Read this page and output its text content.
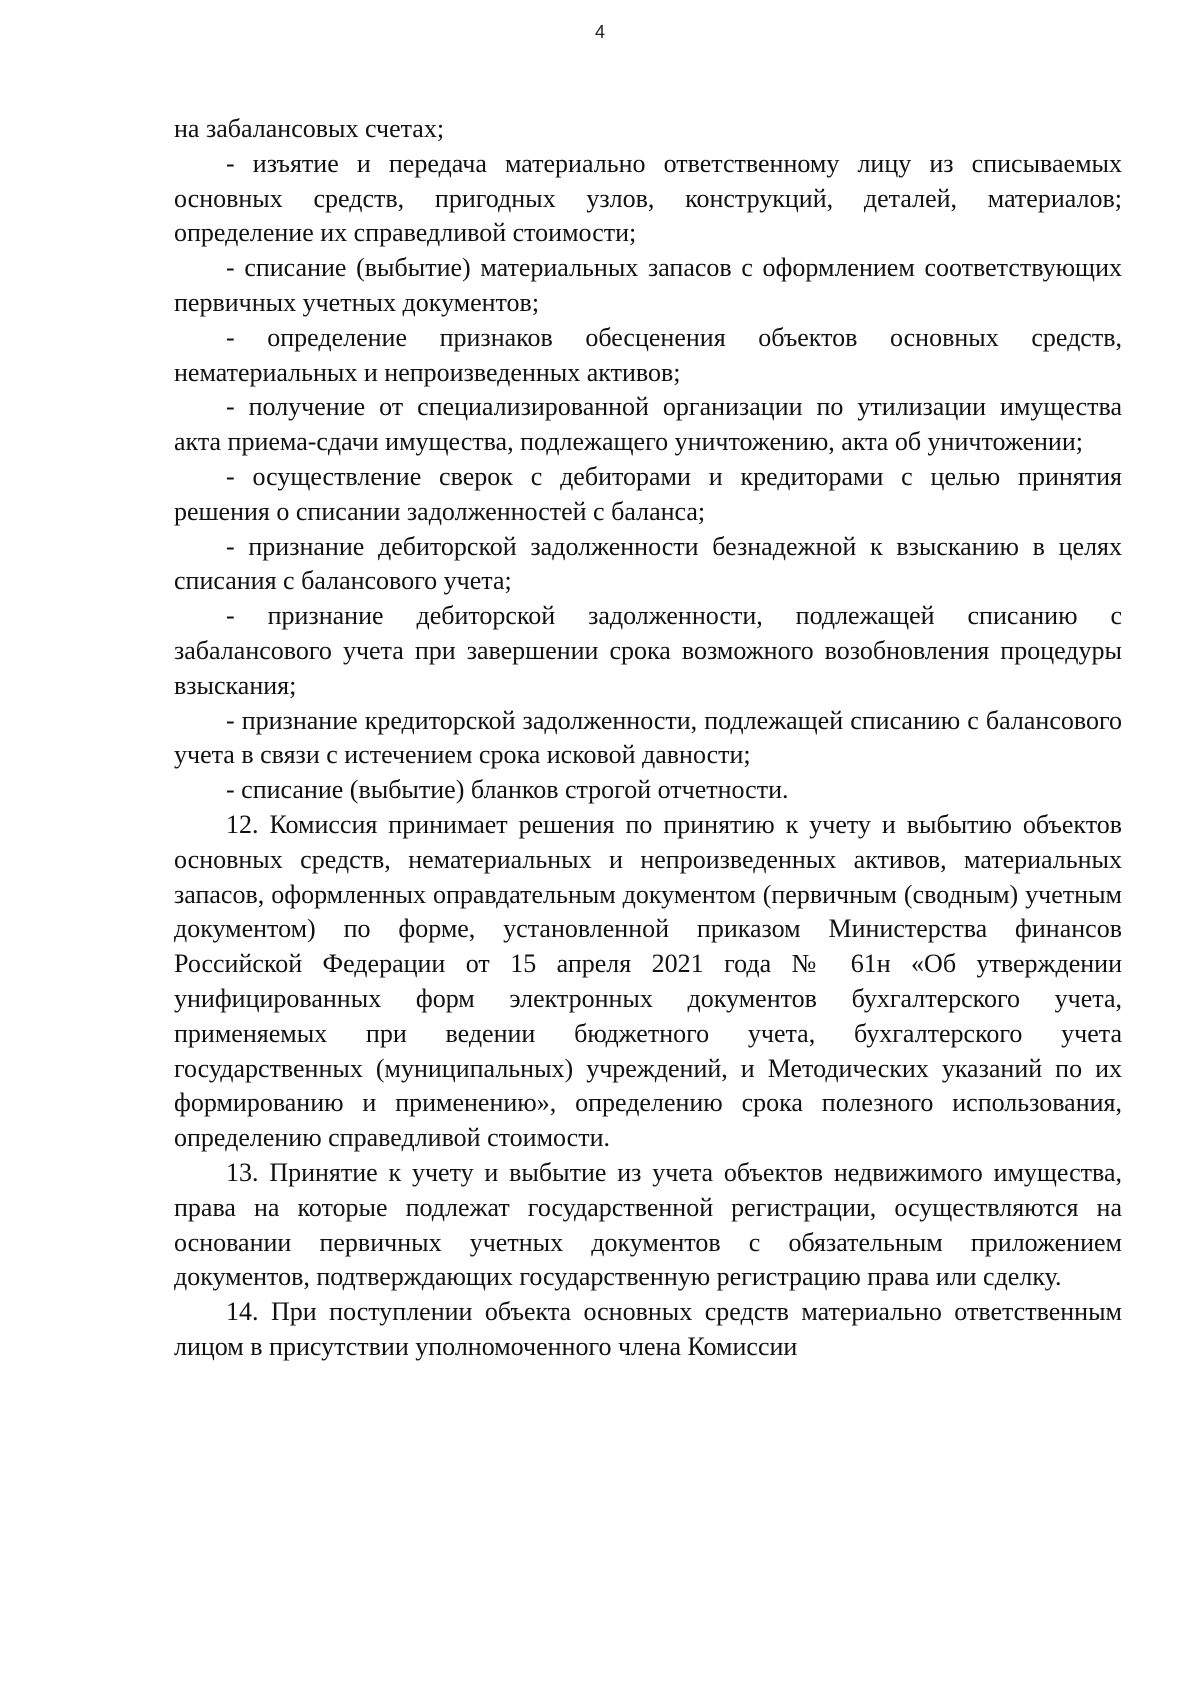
4

на забалансовых счетах;

- изъятие и передача материально ответственному лицу из списываемых основных средств, пригодных узлов, конструкций, деталей, материалов; определение их справедливой стоимости;

- списание (выбытие) материальных запасов с оформлением соответствующих первичных учетных документов;

- определение признаков обесценения объектов основных средств, нематериальных и непроизведенных активов;

- получение от специализированной организации по утилизации имущества акта приема-сдачи имущества, подлежащего уничтожению, акта об уничтожении;

- осуществление сверок с дебиторами и кредиторами с целью принятия решения о списании задолженностей с баланса;

- признание дебиторской задолженности безнадежной к взысканию в целях списания с балансового учета;

- признание дебиторской задолженности, подлежащей списанию с забалансового учета при завершении срока возможного возобновления процедуры взыскания;

- признание кредиторской задолженности, подлежащей списанию с балансового учета в связи с истечением срока исковой давности;

- списание (выбытие) бланков строгой отчетности.

12. Комиссия принимает решения по принятию к учету и выбытию объектов основных средств, нематериальных и непроизведенных активов, материальных запасов, оформленных оправдательным документом (первичным (сводным) учетным документом) по форме, установленной приказом Министерства финансов Российской Федерации от 15 апреля 2021 года № 61н «Об утверждении унифицированных форм электронных документов бухгалтерского учета, применяемых при ведении бюджетного учета, бухгалтерского учета государственных (муниципальных) учреждений, и Методических указаний по их формированию и применению», определению срока полезного использования, определению справедливой стоимости.

13. Принятие к учету и выбытие из учета объектов недвижимого имущества, права на которые подлежат государственной регистрации, осуществляются на основании первичных учетных документов с обязательным приложением документов, подтверждающих государственную регистрацию права или сделку.

14. При поступлении объекта основных средств материально ответственным лицом в присутствии уполномоченного члена Комиссии
